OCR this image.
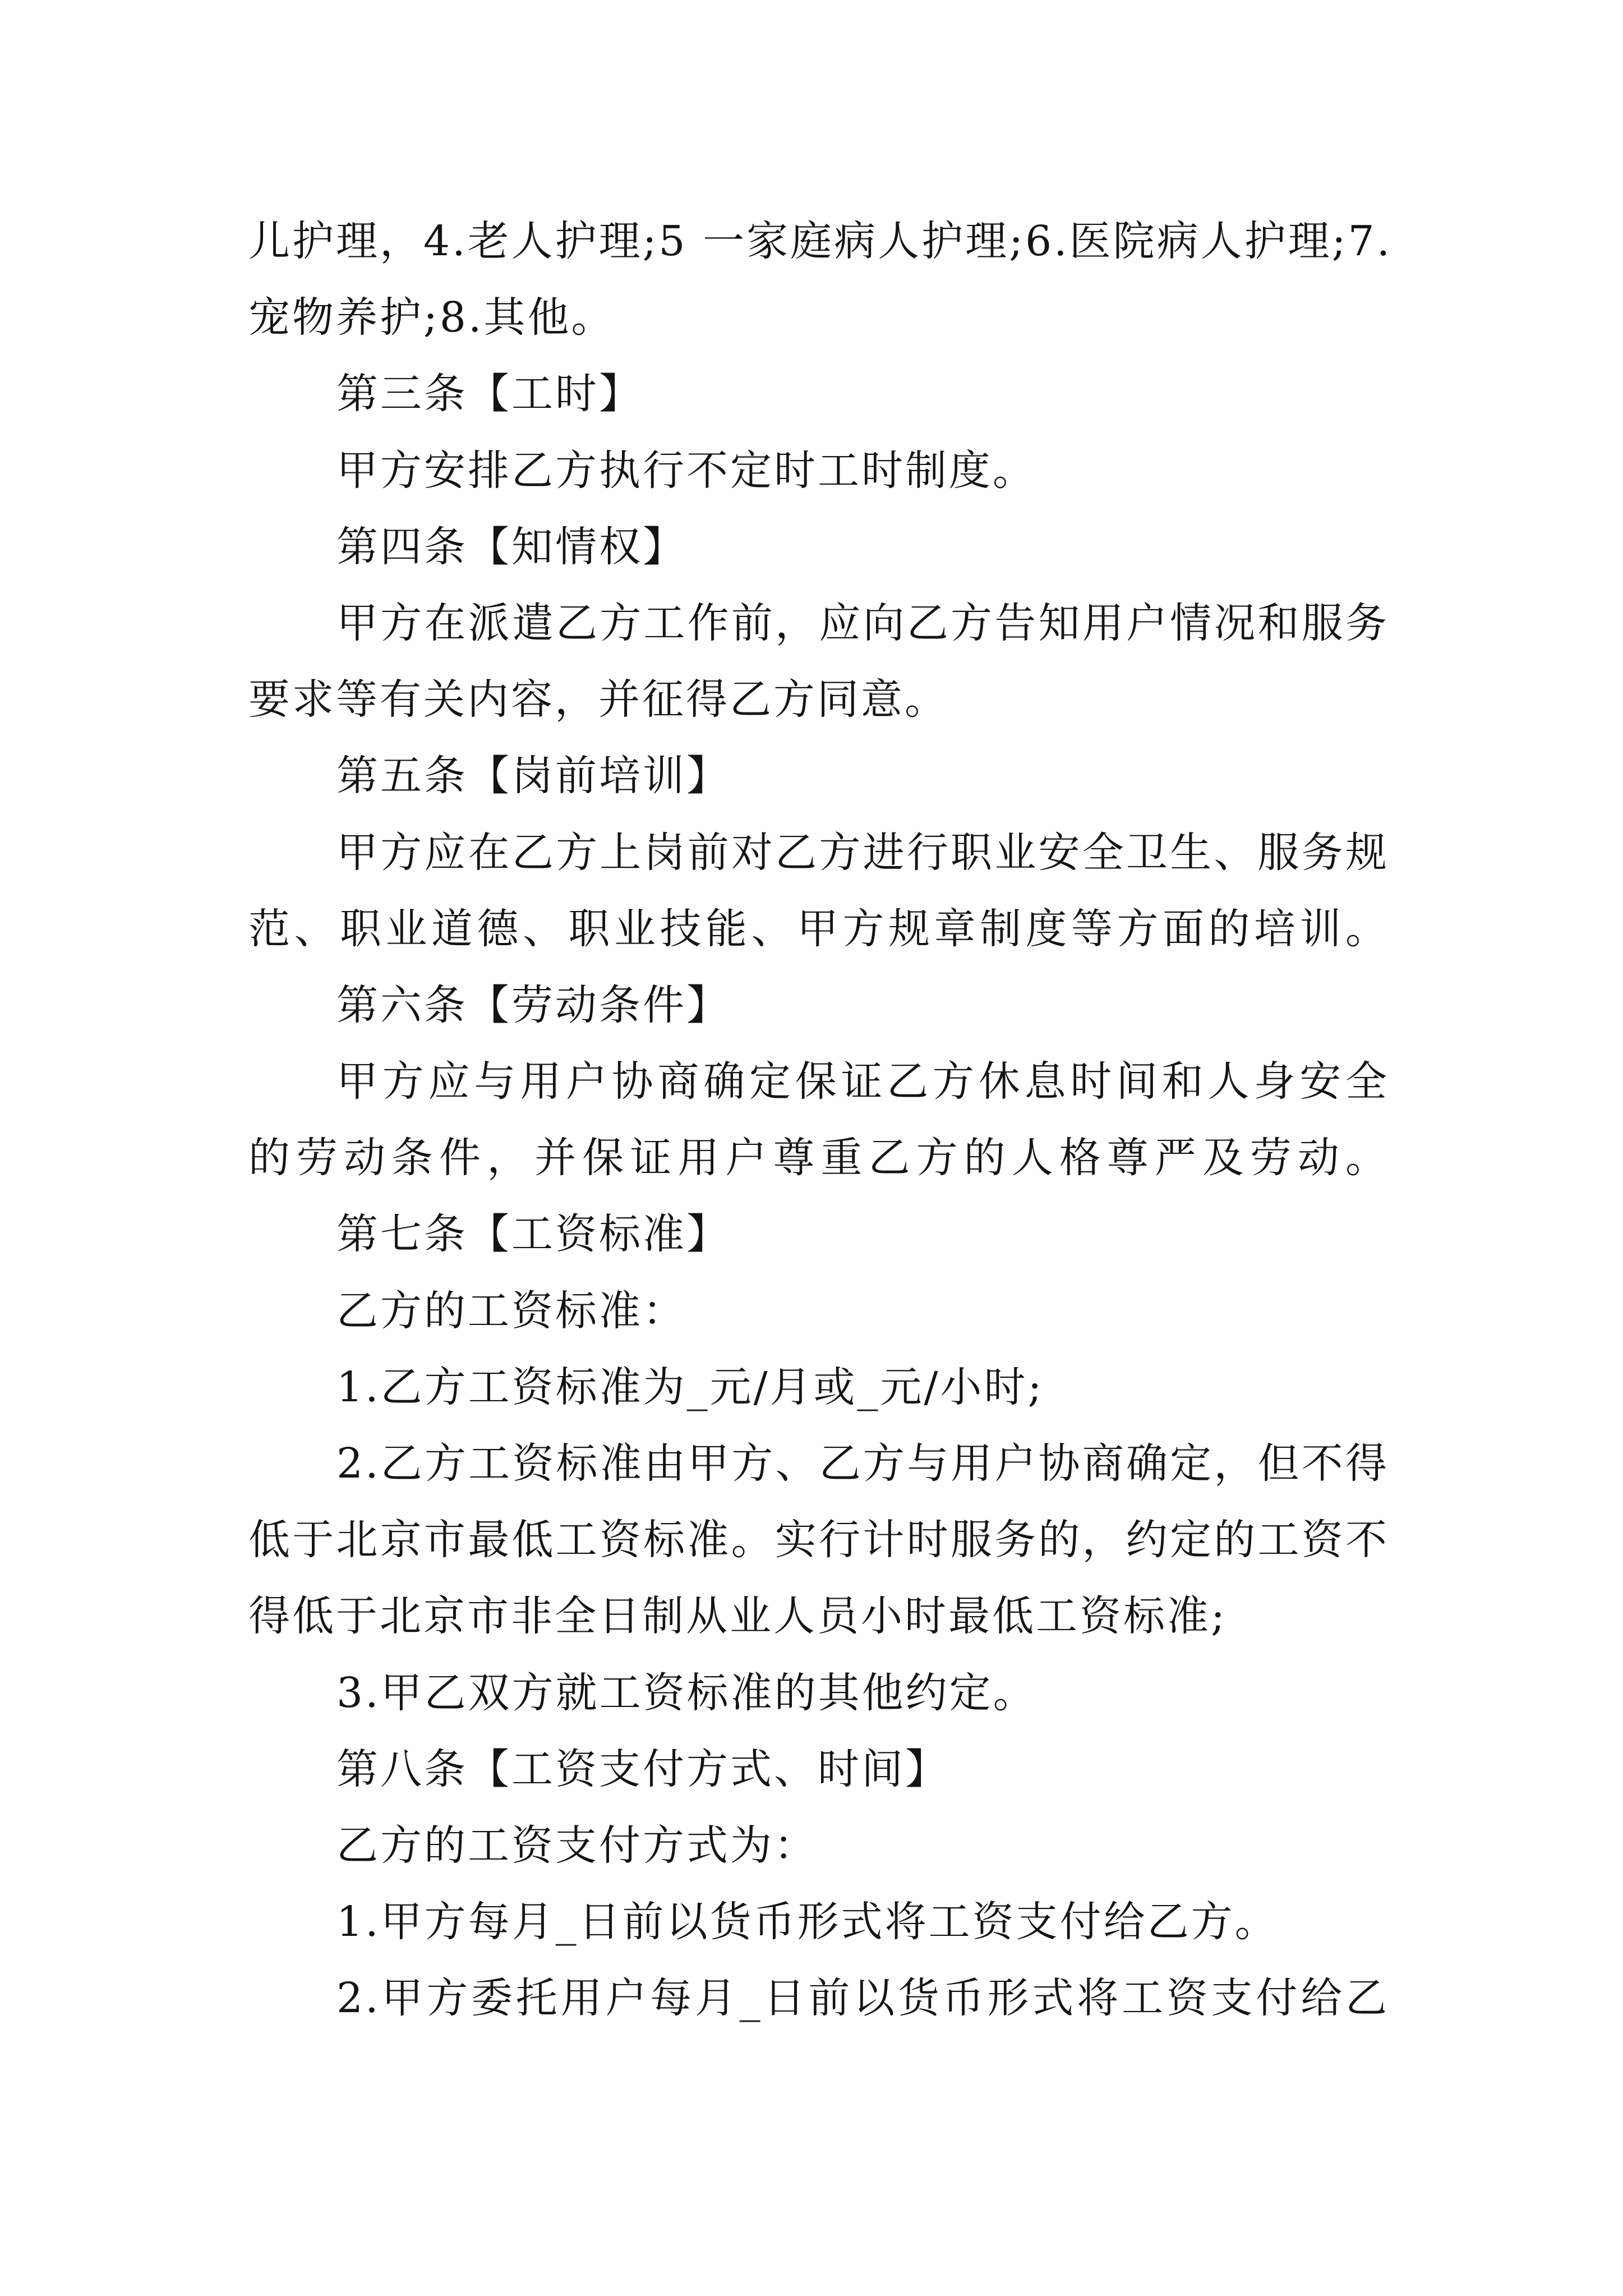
儿护理，4.老人护理;5 一家庭病人护理;6.医院病人护理;7.
宠物养护;8.其他。
第三条【工时】
甲方安排乙方执行不定时工时制度。
第四条【知情权】
甲方在派遣乙方工作前，应向乙方告知用户情况和服务
要求等有关内容，并征得乙方同意。
第五条【岗前培训】
甲方应在乙方上岗前对乙方进行职业安全卫生、服务规
范、职业道德、职业技能、甲方规章制度等方面的培训。
第六条【劳动条件】
甲方应与用户协商确定保证乙方休息时间和人身安全
的劳动条件，并保证用户尊重乙方的人格尊严及劳动。
第七条【工资标准】
乙方的工资标准：
1.乙方工资标准为_元/月或_元/小时;
2.乙方工资标准由甲方、乙方与用户协商确定，但不得
低于北京市最低工资标准。实行计时服务的，约定的工资不
得低于北京市非全日制从业人员小时最低工资标准;
3.甲乙双方就工资标准的其他约定。
第八条【工资支付方式、时间】
乙方的工资支付方式为：
1.甲方每月_日前以货币形式将工资支付给乙方。
2.甲方委托用户每月_日前以货币形式将工资支付给乙
